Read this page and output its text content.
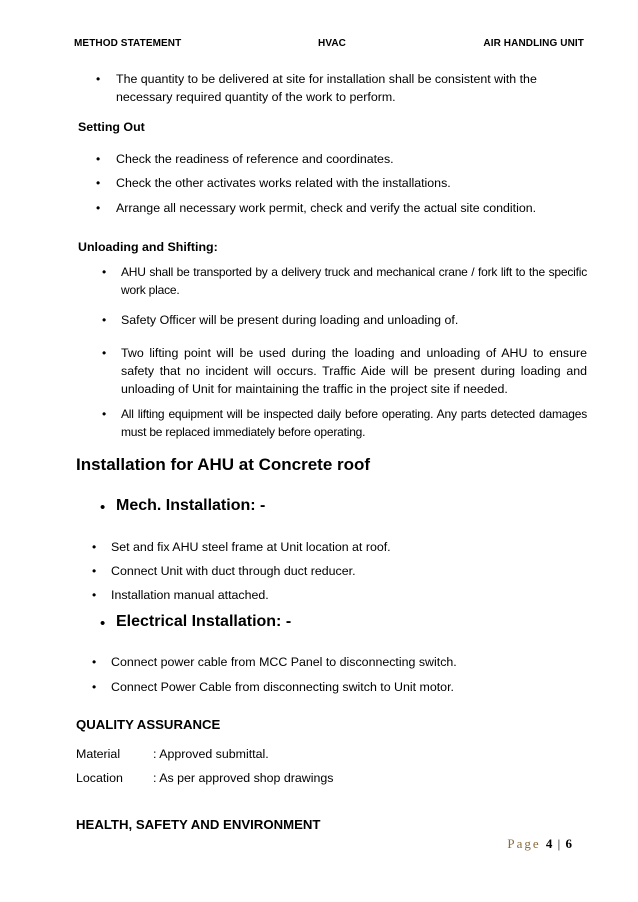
METHOD STATEMENT	HVAC	AIR HANDLING UNIT
• The quantity to be delivered at site for installation shall be consistent with the necessary required quantity of the work to perform.
Setting Out
• Check the readiness of reference and coordinates.
• Check the other activates works related with the installations.
• Arrange all necessary work permit, check and verify the actual site condition.
Unloading and Shifting:
• AHU shall be transported by a delivery truck and mechanical crane / fork lift to the specific work place.
• Safety Officer will be present during loading and unloading of.
• Two lifting point will be used during the loading and unloading of AHU to ensure safety that no incident will occurs. Traffic Aide will be present during loading and unloading of Unit for maintaining the traffic in the project site if needed.
• All lifting equipment will be inspected daily before operating. Any parts detected damages must be replaced immediately before operating.
Installation for AHU at Concrete roof
• Mech. Installation: -
• Set and fix AHU steel frame at Unit location at roof.
• Connect Unit with duct through duct reducer.
• Installation manual attached.
• Electrical Installation: -
• Connect power cable from MCC Panel to disconnecting switch.
• Connect Power Cable from disconnecting switch to Unit motor.
QUALITY ASSURANCE
Material	: Approved submittal.
Location : As per approved shop drawings
HEALTH, SAFETY AND ENVIRONMENT
Page 4 | 6
